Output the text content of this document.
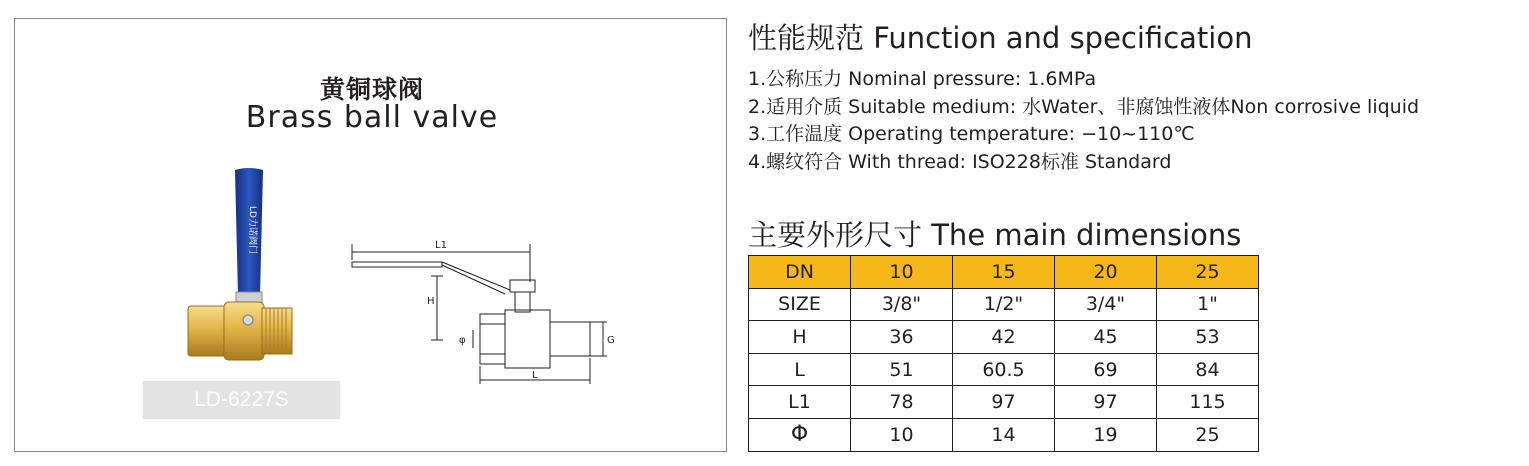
黄铜球阀
Brass ball valve
LD力诺阀门	L1
H
φ	G
L
LD-6227S
性能规范 Function and specification
1.公称压力 Nominal pressure: 1.6MPa
2.适用介质 Suitable medium: 水Water、非腐蚀性液体Non corrosive liquid
3.工作温度 Operating temperature: −10~110℃
4.螺纹符合 With thread: ISO228标准 Standard
主要外形尺寸 The main dimensions
DN	10	15	20	25
SIZE	3/8"	1/2"	3/4"	1"
H	36	42	45	53
L	51	60.5	69	84
L1	78	97	97	115
Φ	10	14	19	25
